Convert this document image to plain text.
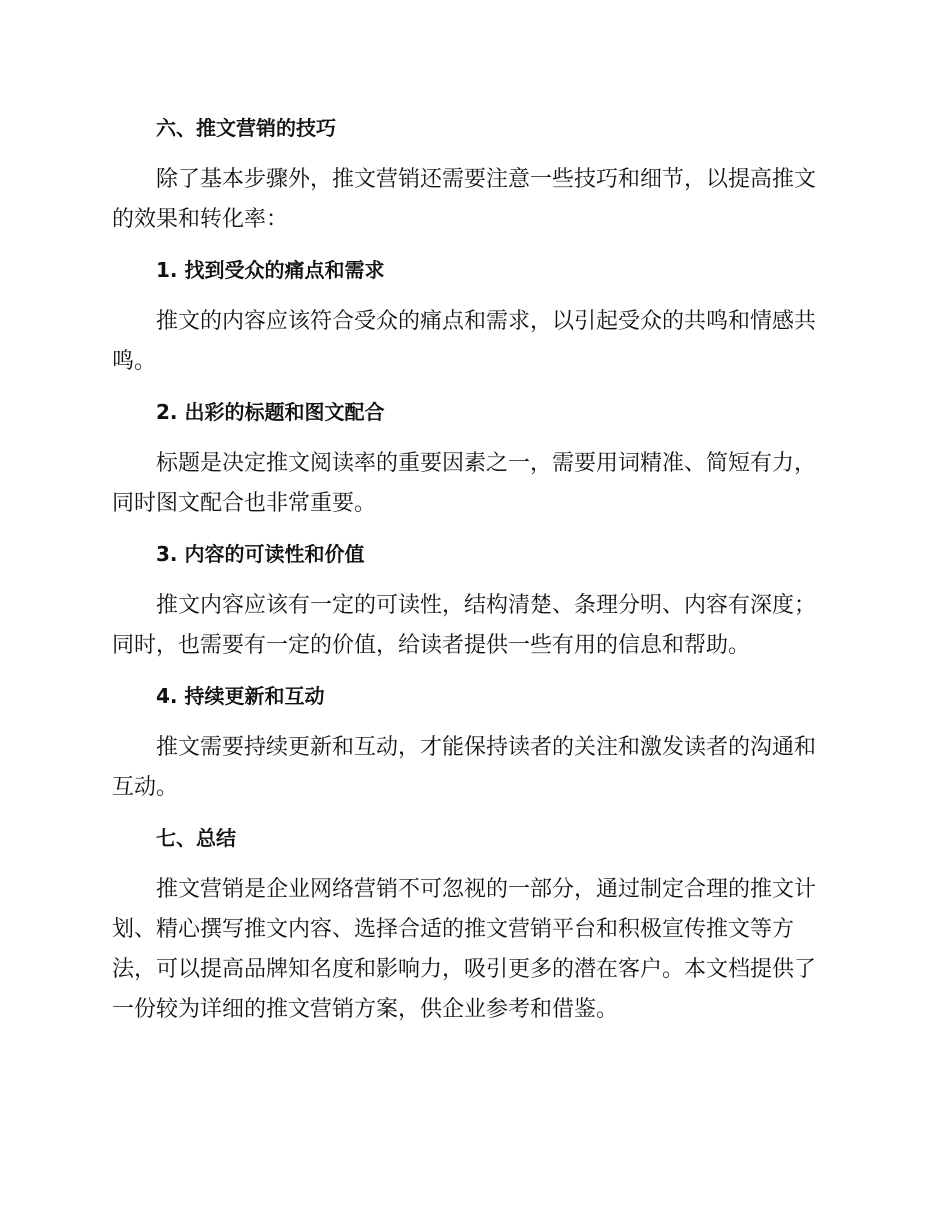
六、推文营销的技巧

除了基本步骤外，推文营销还需要注意一些技巧和细节，以提高推文的效果和转化率：

1. 找到受众的痛点和需求

推文的内容应该符合受众的痛点和需求，以引起受众的共鸣和情感共鸣。

2. 出彩的标题和图文配合

标题是决定推文阅读率的重要因素之一，需要用词精准、简短有力，同时图文配合也非常重要。

3. 内容的可读性和价值

推文内容应该有一定的可读性，结构清楚、条理分明、内容有深度；同时，也需要有一定的价值，给读者提供一些有用的信息和帮助。

4. 持续更新和互动

推文需要持续更新和互动，才能保持读者的关注和激发读者的沟通和互动。

七、总结

推文营销是企业网络营销不可忽视的一部分，通过制定合理的推文计划、精心撰写推文内容、选择合适的推文营销平台和积极宣传推文等方法，可以提高品牌知名度和影响力，吸引更多的潜在客户。本文档提供了一份较为详细的推文营销方案，供企业参考和借鉴。
